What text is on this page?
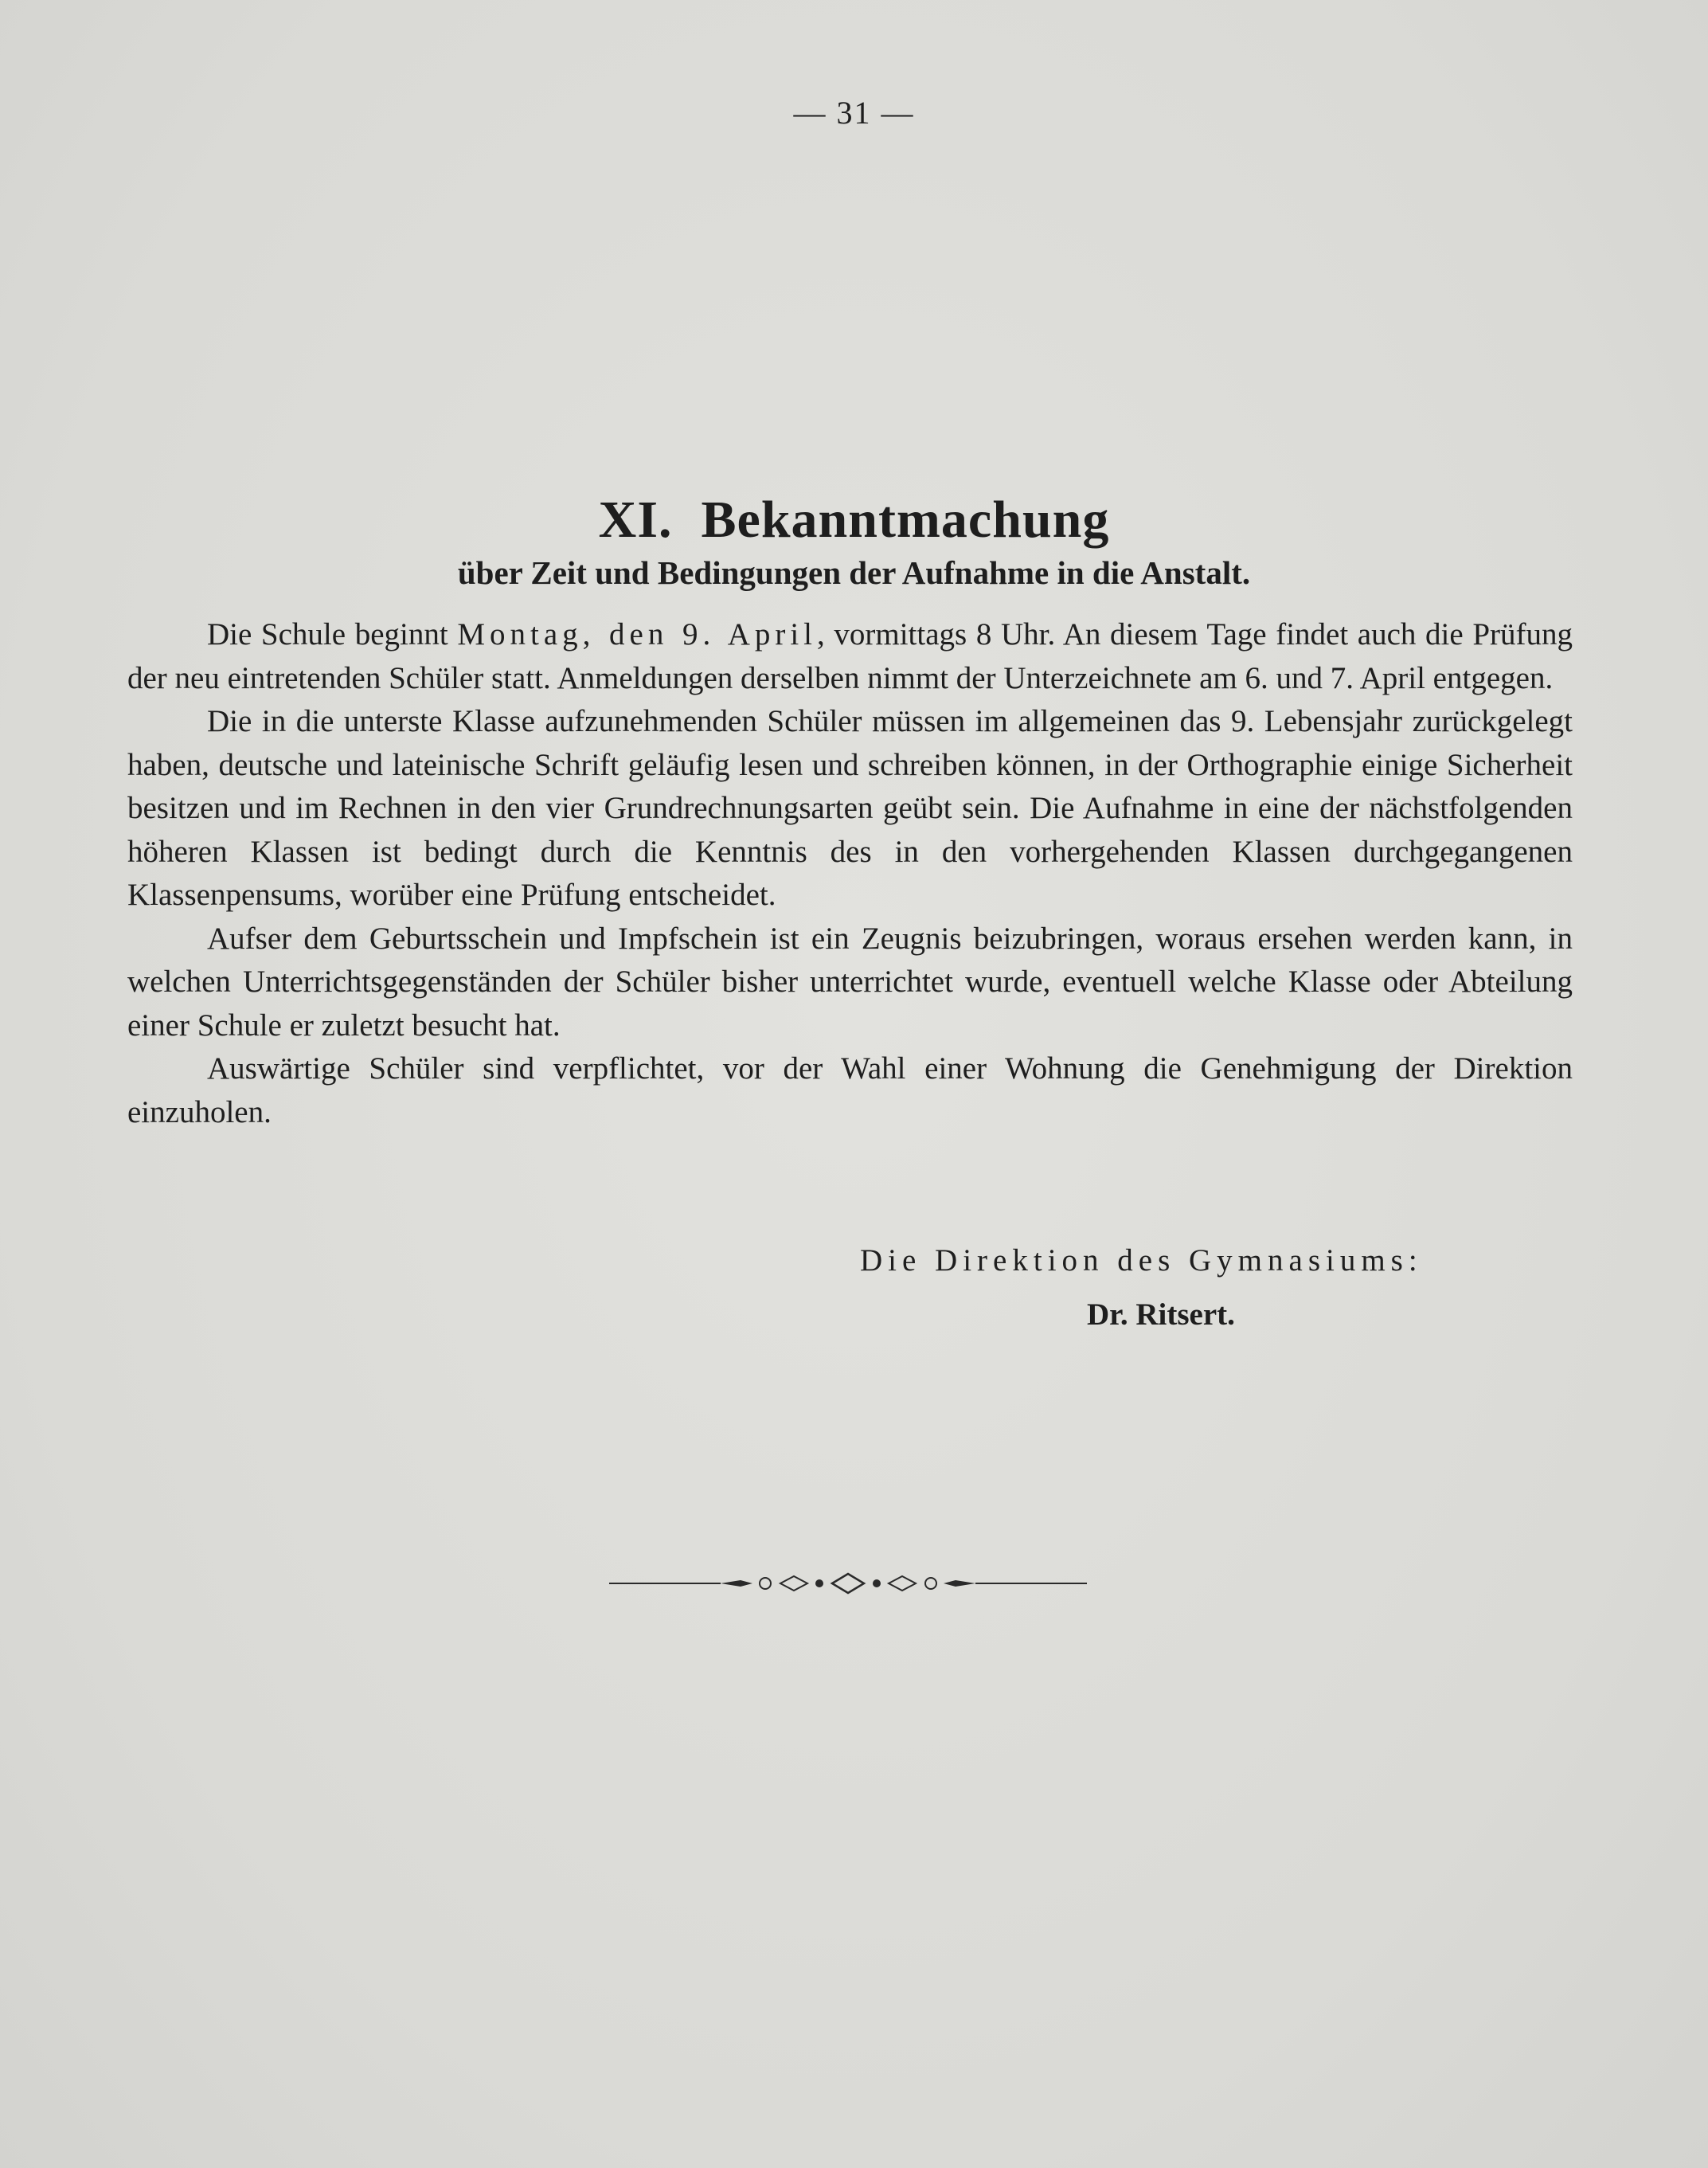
— 31 —
XI. Bekanntmachung
über Zeit und Bedingungen der Aufnahme in die Anstalt.

Die Schule beginnt Montag, den 9. April, vormittags 8 Uhr. An diesem Tage findet auch die Prüfung der neu eintretenden Schüler statt. Anmeldungen derselben nimmt der Unterzeichnete am 6. und 7. April entgegen.

Die in die unterste Klasse aufzunehmenden Schüler müssen im allgemeinen das 9. Lebensjahr zurückgelegt haben, deutsche und lateinische Schrift geläufig lesen und schreiben können, in der Orthographie einige Sicherheit besitzen und im Rechnen in den vier Grundrechnungsarten geübt sein. Die Aufnahme in eine der nächstfolgenden höheren Klassen ist bedingt durch die Kenntnis des in den vorhergehenden Klassen durchgegangenen Klassenpensums, worüber eine Prüfung entscheidet.

Aufser dem Geburtsschein und Impfschein ist ein Zeugnis beizubringen, woraus ersehen werden kann, in welchen Unterrichtsgegenständen der Schüler bisher unterrichtet wurde, eventuell welche Klasse oder Abteilung einer Schule er zuletzt besucht hat.

Auswärtige Schüler sind verpflichtet, vor der Wahl einer Wohnung die Genehmigung der Direktion einzuholen.

Die Direktion des Gymnasiums:
Dr. Ritsert.
